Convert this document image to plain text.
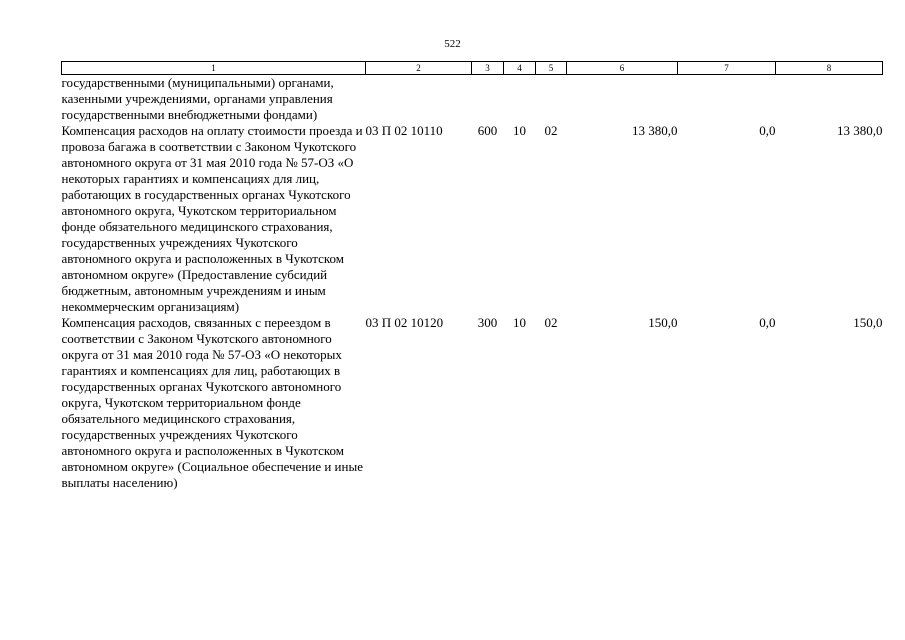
522
1	2	3	4	5	6	7	8
государственными (муниципальными) органами, казенными учреждениями, органами управления государственными внебюджетными фондами)							
Компенсация расходов на оплату стоимости проезда и провоза багажа в соответствии с Законом Чукотского автономного округа от 31 мая 2010 года № 57-ОЗ «О некоторых гарантиях и компенсациях для лиц, работающих в государственных органах Чукотского автономного округа, Чукотском территориальном фонде обязательного медицинского страхования, государственных учреждениях Чукотского автономного округа и расположенных в Чукотском автономном округе» (Предоставление субсидий бюджетным, автономным учреждениям и иным некоммерческим организациям)	03 П 02 10110	600	10	02	13 380,0	0,0	13 380,0
Компенсация расходов, связанных с переездом в соответствии с Законом Чукотского автономного округа от 31 мая 2010 года № 57-ОЗ «О некоторых гарантиях и компенсациях для лиц, работающих в государственных органах Чукотского автономного округа, Чукотском территориальном фонде обязательного медицинского страхования, государственных учреждениях Чукотского автономного округа и расположенных в Чукотском автономном округе» (Социальное обеспечение и иные выплаты населению)	03 П 02 10120	300	10	02	150,0	0,0	150,0
